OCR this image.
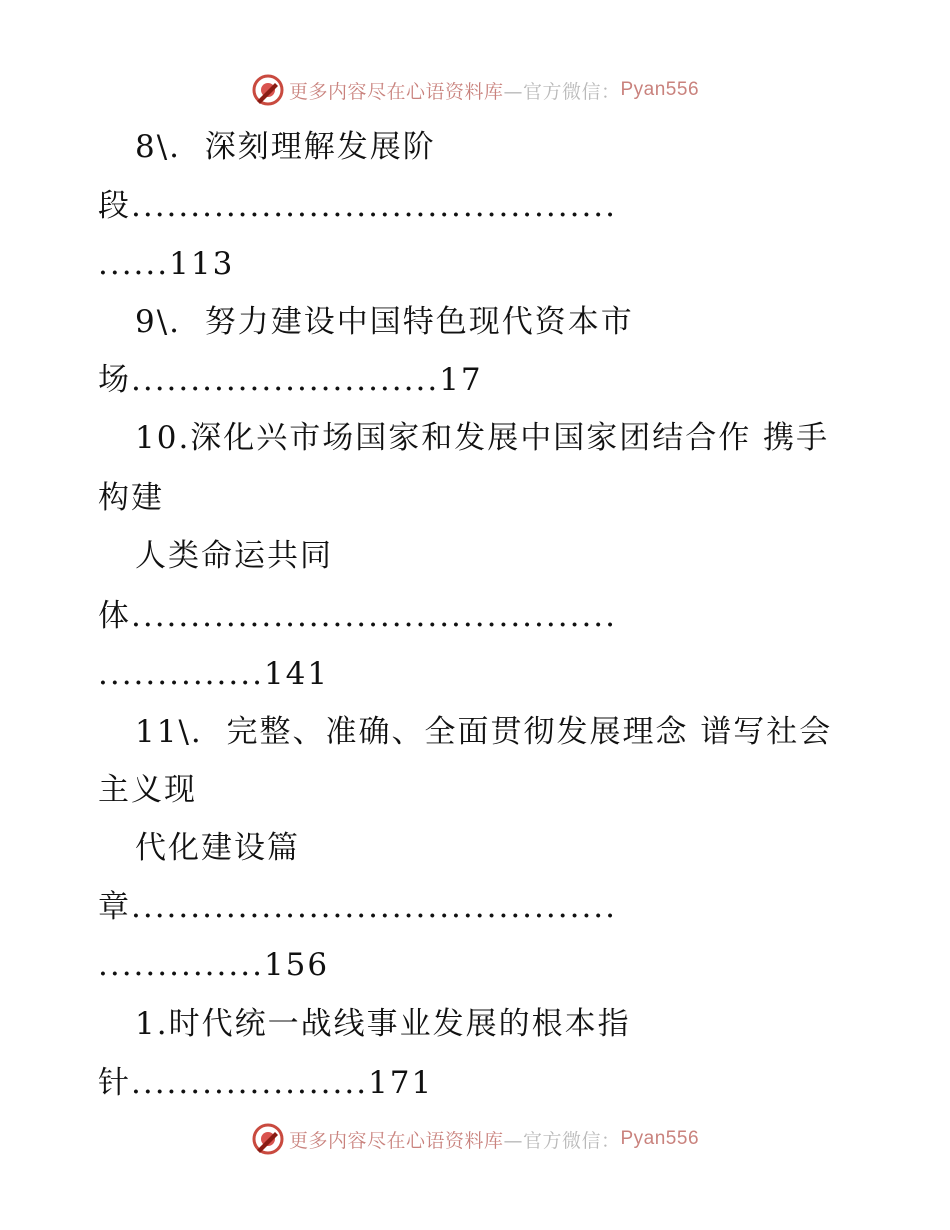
更多内容尽在心语资料库 —官方微信： Pyan556
8\.  深刻理解发展阶
段.........................................
......113
9\.  努力建设中国特色现代资本市
场..........................17
10.深化兴市场国家和发展中国家团结合作 携手
构建
人类命运共同
体.........................................
..............141
11\.  完整、准确、全面贯彻发展理念 谱写社会
主义现
代化建设篇
章.........................................
..............156
1.时代统一战线事业发展的根本指
针....................171
更多内容尽在心语资料库 —官方微信： Pyan556
